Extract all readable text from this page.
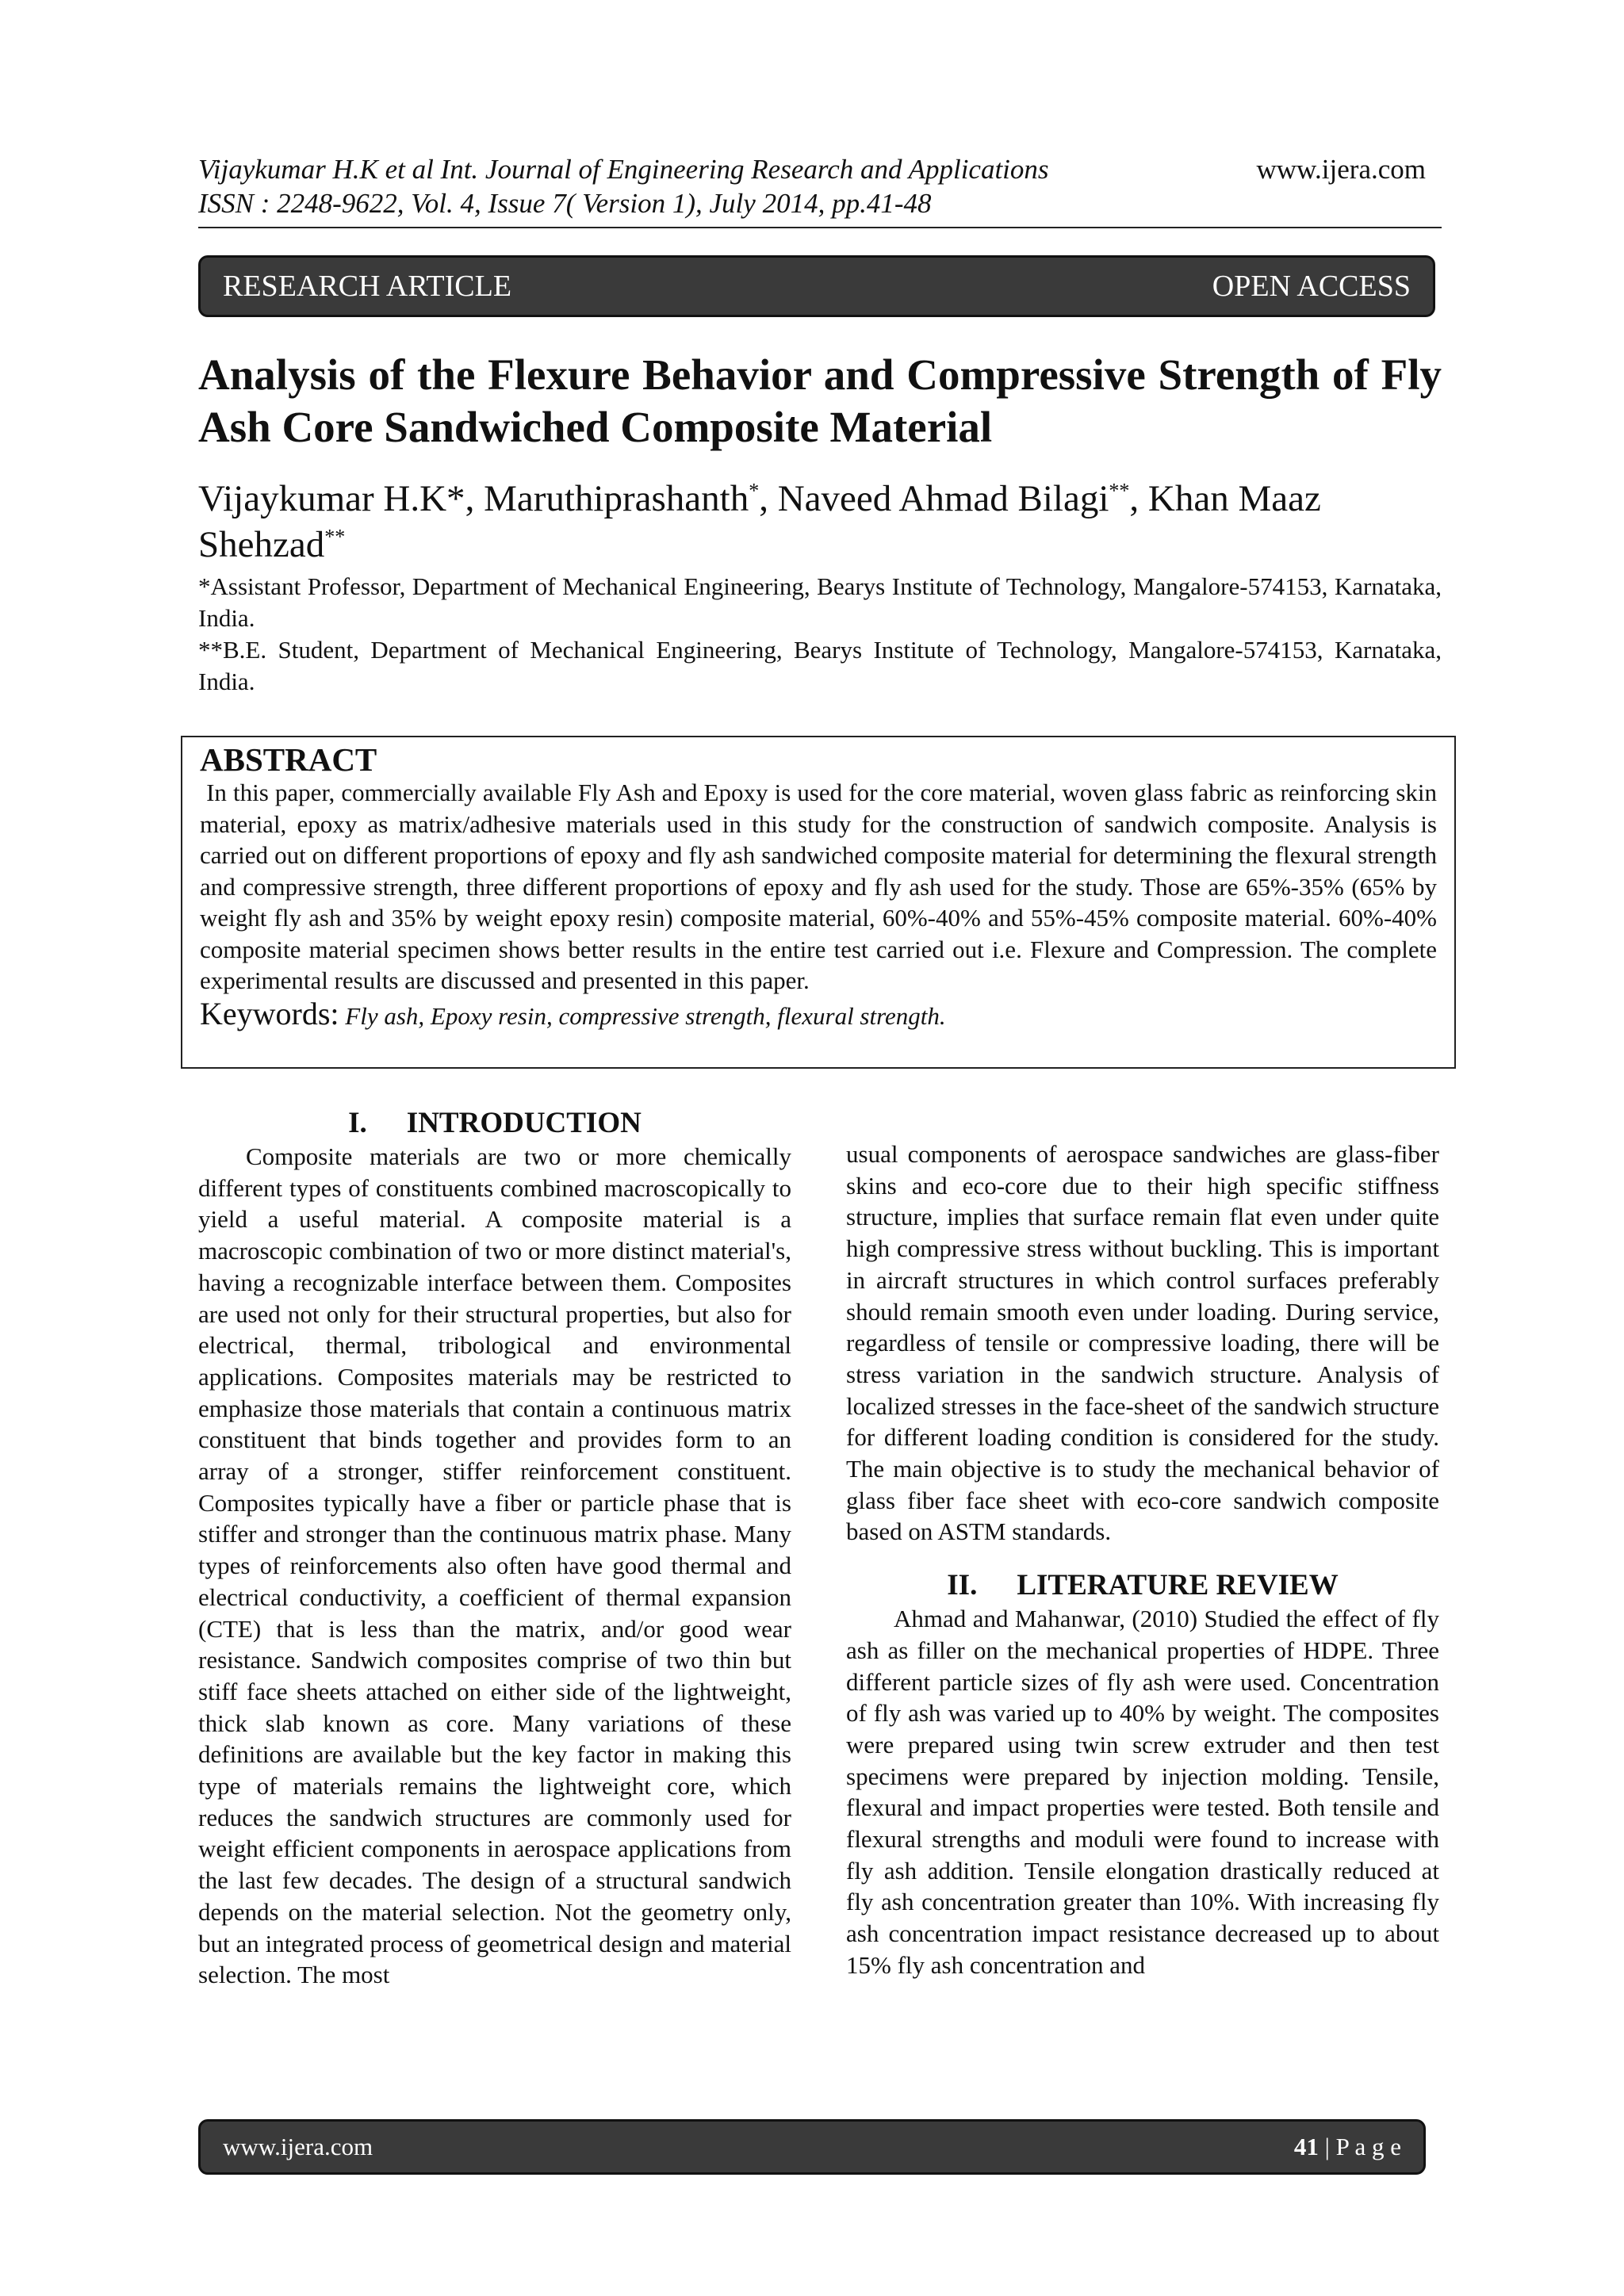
Vijaykumar H.K et al Int. Journal of Engineering Research and Applications
ISSN : 2248-9622, Vol. 4, Issue 7( Version 1), July 2014, pp.41-48
www.ijera.com
RESEARCH ARTICLE	OPEN ACCESS
Analysis of the Flexure Behavior and Compressive Strength of Fly Ash Core Sandwiched Composite Material
Vijaykumar H.K*, Maruthiprashanth*, Naveed Ahmad Bilagi**, Khan Maaz Shehzad**

*Assistant Professor, Department of Mechanical Engineering, Bearys Institute of Technology, Mangalore-574153, Karnataka, India.

**B.E. Student, Department of Mechanical Engineering, Bearys Institute of Technology, Mangalore-574153, Karnataka, India.

ABSTRACT

In this paper, commercially available Fly Ash and Epoxy is used for the core material, woven glass fabric as reinforcing skin material, epoxy as matrix/adhesive materials used in this study for the construction of sandwich composite. Analysis is carried out on different proportions of epoxy and fly ash sandwiched composite material for determining the flexural strength and compressive strength, three different proportions of epoxy and fly ash used for the study. Those are 65%-35% (65% by weight fly ash and 35% by weight epoxy resin) composite material, 60%-40% and 55%-45% composite material. 60%-40% composite material specimen shows better results in the entire test carried out i.e. Flexure and Compression. The complete experimental results are discussed and presented in this paper.

Keywords: Fly ash, Epoxy resin, compressive strength, flexural strength.
I. INTRODUCTION

Composite materials are two or more chemically different types of constituents combined macroscopically to yield a useful material. A composite material is a macroscopic combination of two or more distinct material's, having a recognizable interface between them. Composites are used not only for their structural properties, but also for electrical, thermal, tribological and environmental applications. Composites materials may be restricted to emphasize those materials that contain a continuous matrix constituent that binds together and provides form to an array of a stronger, stiffer reinforcement constituent. Composites typically have a fiber or particle phase that is stiffer and stronger than the continuous matrix phase. Many types of reinforcements also often have good thermal and electrical conductivity, a coefficient of thermal expansion (CTE) that is less than the matrix, and/or good wear resistance. Sandwich composites comprise of two thin but stiff face sheets attached on either side of the lightweight, thick slab known as core. Many variations of these definitions are available but the key factor in making this type of materials remains the lightweight core, which reduces the sandwich structures are commonly used for weight efficient components in aerospace applications from the last few decades. The design of a structural sandwich depends on the material selection. Not the geometry only, but an integrated process of geometrical design and material selection. The most

usual components of aerospace sandwiches are glass-fiber skins and eco-core due to their high specific stiffness structure, implies that surface remain flat even under quite high compressive stress without buckling. This is important in aircraft structures in which control surfaces preferably should remain smooth even under loading. During service, regardless of tensile or compressive loading, there will be stress variation in the sandwich structure. Analysis of localized stresses in the face-sheet of the sandwich structure for different loading condition is considered for the study. The main objective is to study the mechanical behavior of glass fiber face sheet with eco-core sandwich composite based on ASTM standards.

II. LITERATURE REVIEW

Ahmad and Mahanwar, (2010) Studied the effect of fly ash as filler on the mechanical properties of HDPE. Three different particle sizes of fly ash were used. Concentration of fly ash was varied up to 40% by weight. The composites were prepared using twin screw extruder and then test specimens were prepared by injection molding. Tensile, flexural and impact properties were tested. Both tensile and flexural strengths and moduli were found to increase with fly ash addition. Tensile elongation drastically reduced at fly ash concentration greater than 10%. With increasing fly ash concentration impact resistance decreased up to about 15% fly ash concentration and

www.ijera.com	41 | P a g e
